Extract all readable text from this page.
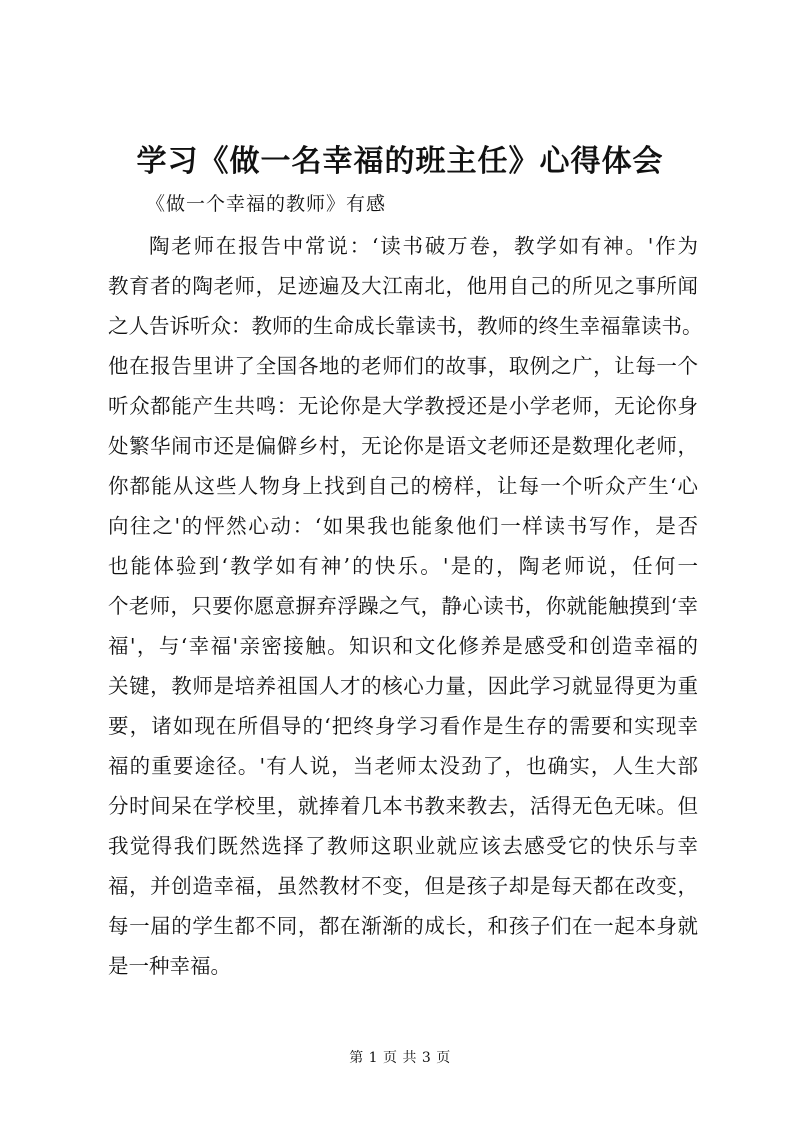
学习《做一名幸福的班主任》心得体会
《做一个幸福的教师》有感
陶老师在报告中常说：‘读书破万卷，教学如有神。'作为
教育者的陶老师，足迹遍及大江南北，他用自己的所见之事所闻
之人告诉听众：教师的生命成长靠读书，教师的终生幸福靠读书。
他在报告里讲了全国各地的老师们的故事，取例之广，让每一个
听众都能产生共鸣：无论你是大学教授还是小学老师，无论你身
处繁华闹市还是偏僻乡村，无论你是语文老师还是数理化老师，
你都能从这些人物身上找到自己的榜样，让每一个听众产生‘心
向往之'的怦然心动：‘如果我也能象他们一样读书写作，是否
也能体验到‘教学如有神’的快乐。'是的，陶老师说，任何一
个老师，只要你愿意摒弃浮躁之气，静心读书，你就能触摸到‘幸
福'，与‘幸福'亲密接触。知识和文化修养是感受和创造幸福的
关键，教师是培养祖国人才的核心力量，因此学习就显得更为重
要，诸如现在所倡导的‘把终身学习看作是生存的需要和实现幸
福的重要途径。'有人说，当老师太没劲了，也确实，人生大部
分时间呆在学校里，就捧着几本书教来教去，活得无色无味。但
我觉得我们既然选择了教师这职业就应该去感受它的快乐与幸
福，并创造幸福，虽然教材不变，但是孩子却是每天都在改变，
每一届的学生都不同，都在渐渐的成长，和孩子们在一起本身就
是一种幸福。
第 1 页 共 3 页
